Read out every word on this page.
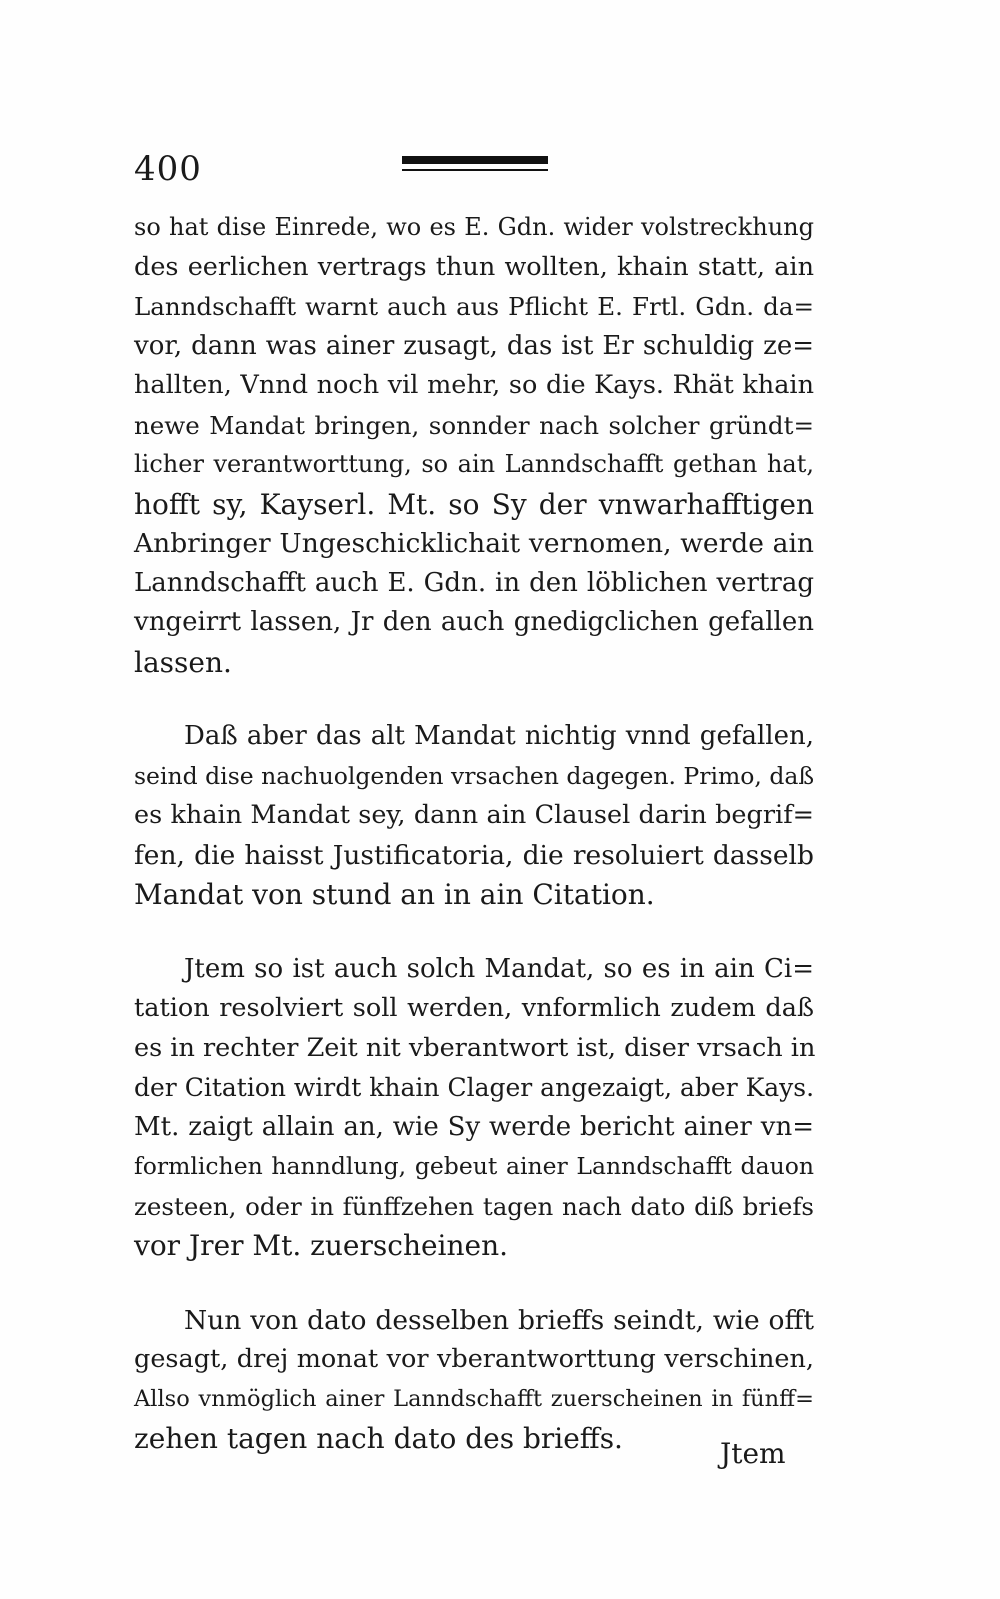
400
so hat dise Einrede, wo es E. Gdn. wider volstreckhung
des eerlichen vertrags thun wollten, khain statt, ain
Lanndschafft warnt auch aus Pflicht E. Frtl. Gdn. da=
vor, dann was ainer zusagt, das ist Er schuldig ze=
hallten, Vnnd noch vil mehr, so die Kays. Rhät khain
newe Mandat bringen, sonnder nach solcher gründt=
licher verantworttung, so ain Lanndschafft gethan hat,
hofft sy, Kayserl. Mt. so Sy der vnwarhafftigen
Anbringer Ungeschicklichait vernomen, werde ain
Lanndschafft auch E. Gdn. in den löblichen vertrag
vngeirrt lassen, Jr den auch gnedigclichen gefallen
lassen.
Daß aber das alt Mandat nichtig vnnd gefallen,
seind dise nachuolgenden vrsachen dagegen. Primo, daß
es khain Mandat sey, dann ain Clausel darin begrif=
fen, die haisst Justificatoria, die resoluiert dasselb
Mandat von stund an in ain Citation.
Jtem so ist auch solch Mandat, so es in ain Ci=
tation resolviert soll werden, vnformlich zudem daß
es in rechter Zeit nit vberantwort ist, diser vrsach in
der Citation wirdt khain Clager angezaigt, aber Kays.
Mt. zaigt allain an, wie Sy werde bericht ainer vn=
formlichen hanndlung, gebeut ainer Lanndschafft dauon
zesteen, oder in fünffzehen tagen nach dato diß briefs
vor Jrer Mt. zuerscheinen.
Nun von dato desselben brieffs seindt, wie offt
gesagt, drej monat vor vberantworttung verschinen,
Allso vnmöglich ainer Lanndschafft zuerscheinen in fünff=
zehen tagen nach dato des brieffs.	Jtem
